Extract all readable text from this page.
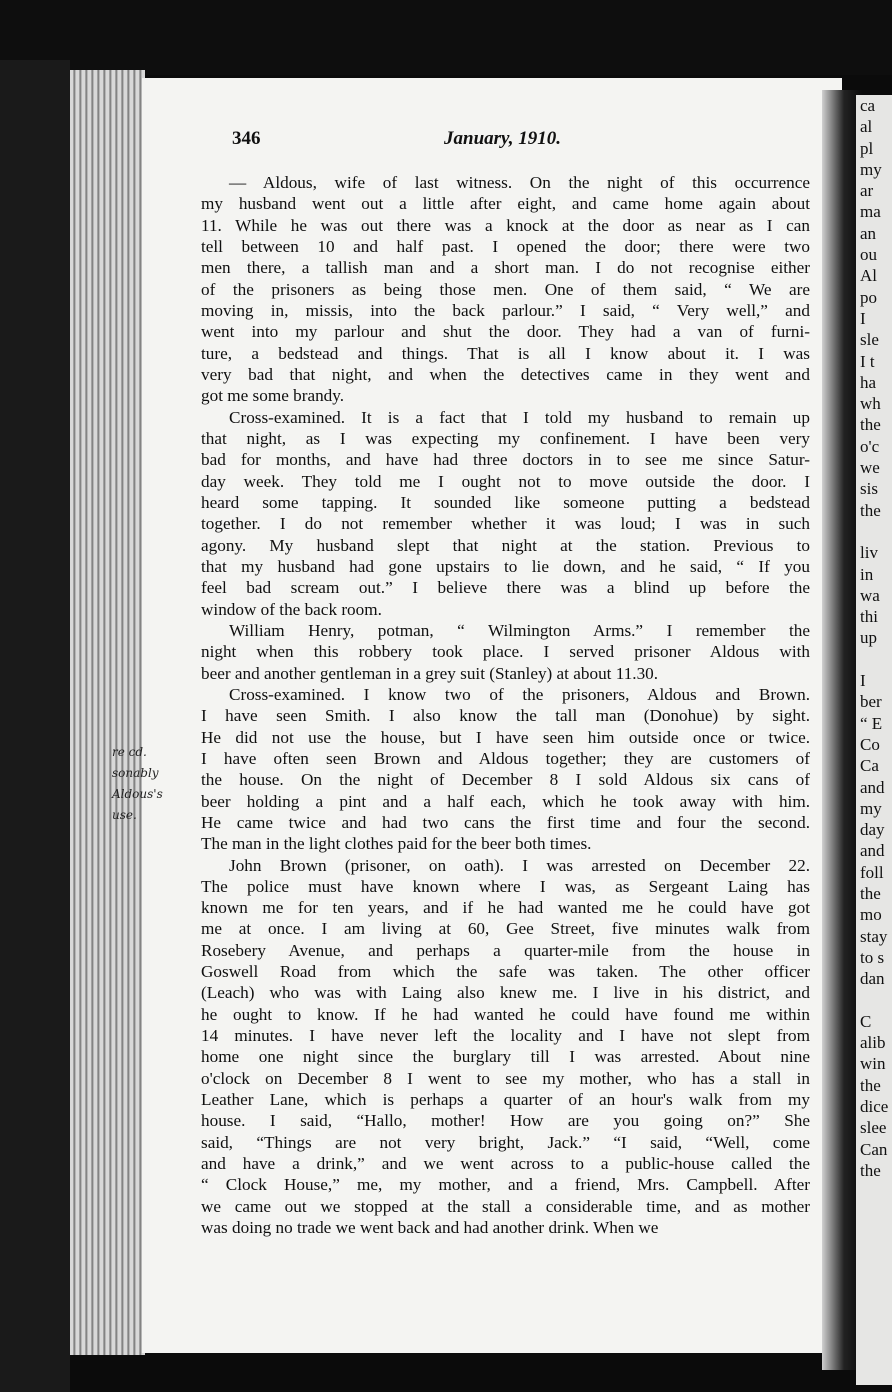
346	January, 1910.
— Aldous, wife of last witness. On the night of this occurrence
my husband went out a little after eight, and came home again about
11. While he was out there was a knock at the door as near as I can
tell between 10 and half past. I opened the door; there were two
men there, a tallish man and a short man. I do not recognise either
of the prisoners as being those men. One of them said, “ We are
moving in, missis, into the back parlour.” I said, “ Very well,” and
went into my parlour and shut the door. They had a van of furni-
ture, a bedstead and things. That is all I know about it. I was
very bad that night, and when the detectives came in they went and
got me some brandy.
Cross-examined. It is a fact that I told my husband to remain up
that night, as I was expecting my confinement. I have been very
bad for months, and have had three doctors in to see me since Satur-
day week. They told me I ought not to move outside the door. I
heard some tapping. It sounded like someone putting a bedstead
together. I do not remember whether it was loud; I was in such
agony. My husband slept that night at the station. Previous to
that my husband had gone upstairs to lie down, and he said, “ If you
feel bad scream out.” I believe there was a blind up before the
window of the back room.
William Henry, potman, “ Wilmington Arms.” I remember the
night when this robbery took place. I served prisoner Aldous with
beer and another gentleman in a grey suit (Stanley) at about 11.30.
Cross-examined. I know two of the prisoners, Aldous and Brown.
I have seen Smith. I also know the tall man (Donohue) by sight.
He did not use the house, but I have seen him outside once or twice.
I have often seen Brown and Aldous together; they are customers of
the house. On the night of December 8 I sold Aldous six cans of
beer holding a pint and a half each, which he took away with him.
He came twice and had two cans the first time and four the second.
The man in the light clothes paid for the beer both times.
John Brown (prisoner, on oath). I was arrested on December 22.
The police must have known where I was, as Sergeant Laing has
known me for ten years, and if he had wanted me he could have got
me at once. I am living at 60, Gee Street, five minutes walk from
Rosebery Avenue, and perhaps a quarter-mile from the house in
Goswell Road from which the safe was taken. The other officer
(Leach) who was with Laing also knew me. I live in his district, and
he ought to know. If he had wanted he could have found me within
14 minutes. I have never left the locality and I have not slept from
home one night since the burglary till I was arrested. About nine
o'clock on December 8 I went to see my mother, who has a stall in
Leather Lane, which is perhaps a quarter of an hour's walk from my
house. I said, “Hallo, mother! How are you going on?” She
said, “Things are not very bright, Jack.” “I said, “Well, come
and have a drink,” and we went across to a public-house called the
“ Clock House,” me, my mother, and a friend, Mrs. Campbell. After
we came out we stopped at the stall a considerable time, and as mother
was doing no trade we went back and had another drink. When we
re cd.
sonably
Aldous's
use.
ca
al
pl
my
ar
ma
an
ou
Al
po
I
sle
I t
ha
wh
the
o'c
we
sis
the

liv
in
wa
thi
up

I
ber
“ E
Co
Ca
and
my
day
and
foll
the
mo
stay
to s
dan

C
alib
win
the
dice
slee
Can
the
